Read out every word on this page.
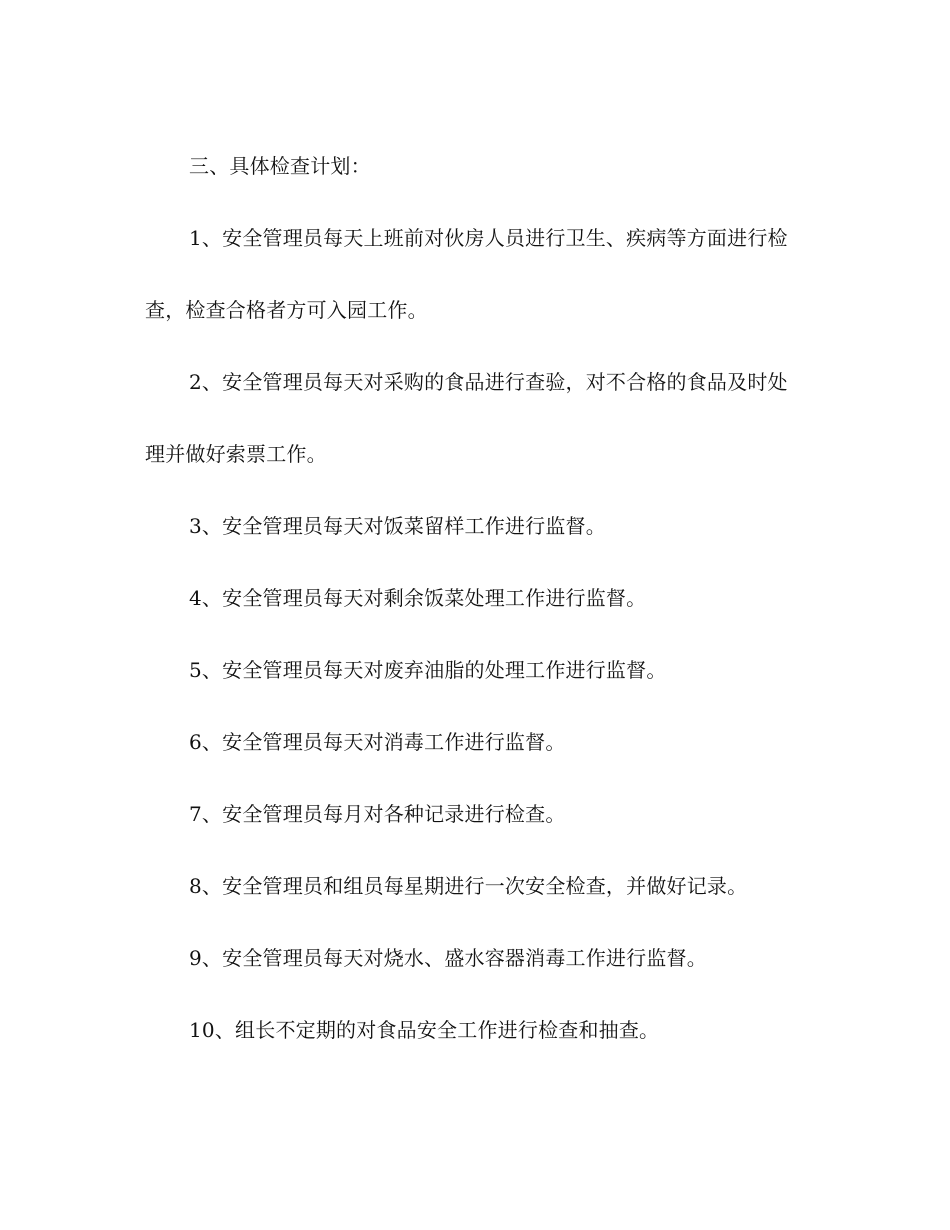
三、具体检查计划：

1、安全管理员每天上班前对伙房人员进行卫生、疾病等方面进行检查，检查合格者方可入园工作。

2、安全管理员每天对采购的食品进行查验，对不合格的食品及时处理并做好索票工作。

3、安全管理员每天对饭菜留样工作进行监督。

4、安全管理员每天对剩余饭菜处理工作进行监督。

5、安全管理员每天对废弃油脂的处理工作进行监督。

6、安全管理员每天对消毒工作进行监督。

7、安全管理员每月对各种记录进行检查。

8、安全管理员和组员每星期进行一次安全检查，并做好记录。

9、安全管理员每天对烧水、盛水容器消毒工作进行监督。

10、组长不定期的对食品安全工作进行检查和抽查。
